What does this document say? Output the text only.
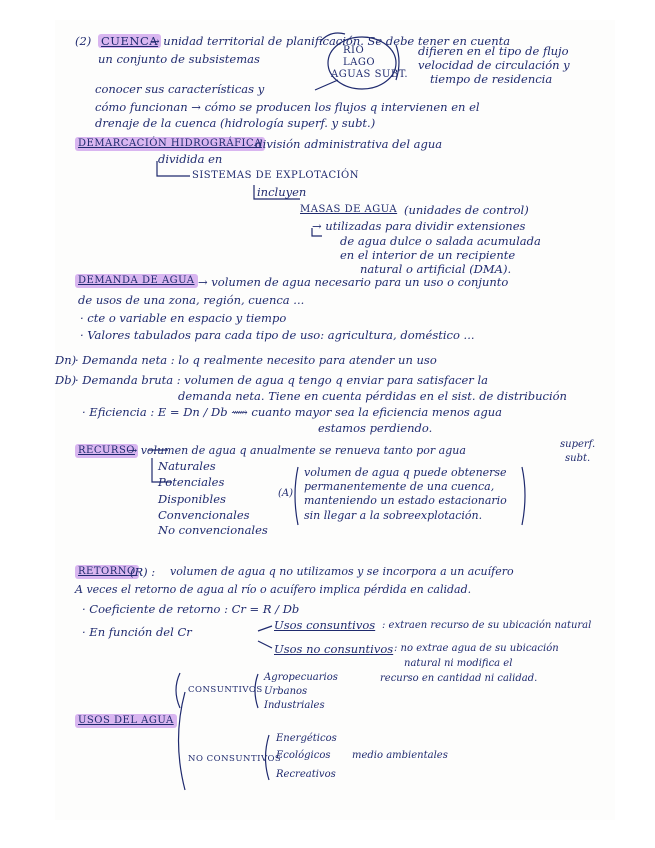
(2) CUENCA
→ unidad territorial de planificación. Se debe tener en cuenta
un conjunto de subsistemas
RÍO
LAGO
AGUAS SUBT.
difieren en el tipo de flujo
velocidad de circulación y
tiempo de residencia
conocer sus características y
cómo funcionan → cómo se producen los flujos q intervienen en el
drenaje de la cuenca (hidrología superf. y subt.)
DEMARCACIÓN HIDROGRÁFICA
. división administrativa del agua
dividida en
SISTEMAS DE EXPLOTACIÓN
incluyen
MASAS DE AGUA (unidades de control)
→ utilizadas para dividir extensiones
de agua dulce o salada acumulada
en el interior de un recipiente
natural o artificial (DMA).
DEMANDA DE AGUA → volumen de agua necesario para un uso o conjunto
de usos de una zona, región, cuenca ...
· cte o variable en espacio y tiempo
· Valores tabulados para cada tipo de uso: agricultura, doméstico ...
Dn)
· Demanda neta : lo q realmente necesito para atender un uso
Db)
· Demanda bruta : volumen de agua q tengo q enviar para satisfacer la
demanda neta. Tiene en cuenta pérdidas en el sist. de distribución
· Eficiencia : E = Dn / Db ⟿ cuanto mayor sea la eficiencia menos agua
estamos perdiendo.
RECURSO
→ volumen de agua q anualmente se renueva tanto por agua	superf.
subt.
Naturales
Potenciales
Disponibles
Convencionales
No convencionales
(A)
volumen de agua q puede obtenerse
permanentemente de una cuenca,
manteniendo un estado estacionario
sin llegar a la sobreexplotación.
RETORNO
(R) : volumen de agua q no utilizamos y se incorpora a un acuífero
A veces el retorno de agua al río o acuífero implica pérdida en calidad.
· Coeficiente de retorno : Cr = R / Db
· En función del Cr	Usos consuntivos : extraen recurso de su ubicación natural
Usos no consuntivos : no extrae agua de su ubicación
natural ni modifica el
recurso en cantidad ni calidad.
USOS DEL AGUA
CONSUNTIVOS
Agropecuarios
Urbanos
Industriales
NO CONSUNTIVOS
Energéticos
Ecológicos
Recreativos
medio ambientales
